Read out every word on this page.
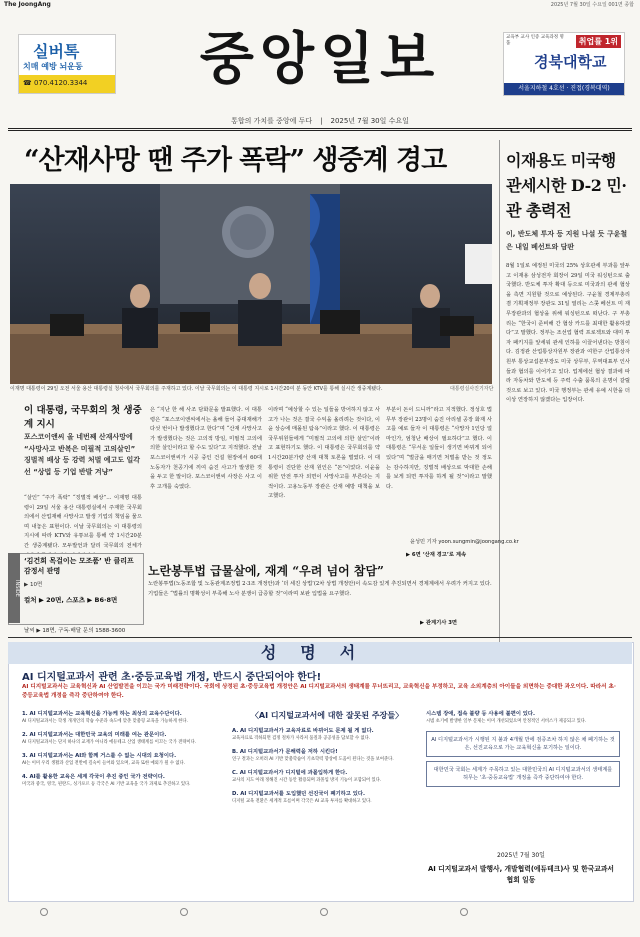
The JoongAng	2025년 7월 30일 수요일 001면 종합
실버톡
치매 예방 뇌운동
☎ 070.4120.3344	중앙일보
통합의 가치를 중앙에 두다 | 2025년 7월 30일 수요일
교육부 교사 인증 교육과정 명품	취업률 1위
경북대학교
서울지하철 4호선 · 진접(경복대역)
“산재사망 땐 주가 폭락” 생중계 경고
이재명 대통령이 29일 오전 서울 용산 대통령실 청사에서 국무회의를 주재하고 있다. 이날 국무회의는 이 대통령 지시로 1시간20여 분 동안 KTV를 통해 실시간 생중계됐다.	대통령실사진기자단
이재용도 미국행 관세시한 D-2 민·관 총력전
이, 반도체 투자 등 지원 나설 듯 구윤철은 내일 베선트와 담판
8월 1일로 예정된 미국의 25% 상호관세 부과를 앞두고 이재용 삼성전자 회장이 29일 미국 워싱턴으로 출국했다. 반도체 투자 확대 등으로 미국과의 관세 협상을 측면 지원할 것으로 예상된다. 구윤철 경제부총리 겸 기획재정부 장관도 31일 열리는 스콧 베선트 미 재무장관과의 협상을 위해 워싱턴으로 떠난다. 구 부총리는 “한국이 준비해 간 협상 카드를 최대한 활용하겠다”고 말했다. 정부는 조선업 협력 프로젝트와 대미 투자 패키지를 앞세워 관세 인하를 이끌어낸다는 방침이다. 김정관 산업통상자원부 장관과 여한구 산업통상자원부 통상교섭본부장도 미국 상무부, 무역대표부 인사들과 협의를 이어가고 있다. 업계에선 협상 결과에 따라 자동차와 반도체 등 주력 수출 품목의 운명이 갈릴 것으로 보고 있다. 미국 행정부는 관세 유예 시한을 더 이상 연장하지 않겠다는 입장이다.
이 대통령, 국무회의 첫 생중계 지시
포스코이앤씨 올 네번째 산재사망에 “사망사고 반복은 미필적 고의살인” 징벌적 배상 등 강력 처벌 예고도 일각선 “상법 등 기업 반발 겨냥”
“살인” “주가 폭락” “징벌적 배상”… 이재명 대통령이 29일 서울 용산 대통령실에서 주재한 국무회의에서 산업재해 사망사고 발생 기업의 책임을 물으며 내놓은 표현이다. 이날 국무회의는 이 대통령의 지시에 따라 KTV와 유튜브를 통해 약 1시간20분간 생중계됐다. 모두발언과 달리 국무회의 전체가
은 “지난 한 해 사조 담화문을 발표했다. 이 대통령은 “포스코이앤씨에서는 올해 들어 중대재해가 다섯 번이나 발생했다고 한다”며 “산재 사망사고가 발생했다는 것은 고의적 방임, 미필적 고의에 의한 살인이라고 할 수도 있다”고 지적했다. 전날 포스코이앤씨가 시공 중인 건설 현장에서 60대 노동자가 천공기에 끼여 숨진 사고가 발생한 것을 두고 한 말이다. 포스코이앤씨 사장은 사고 이후 고개를 숙였다.
이라며 “예상할 수 있는 일들을 방어하지 않고 사고가 나는 것은 결국 수익을 올리려는 것이다, 이윤 상승에 매몰된 탐욕”이라고 했다. 이 대통령은 국무위원들에게 “미필적 고의에 의한 살인”이라고 표현하기도 했다. 이 대통령은 국무회의를 약 1시간20분가량 산재 대책 토론을 벌였다. 이 대통령이 진단한 산재 원인은 “돈”이었다. 이윤을 위한 안전 투자 외면이 사망사고를 부른다는 지적이다. 고용노동부 장관은 산재 예방 대책을 보고했다.
부분이 돈이 드니까”라고 지적했다. 정성호 법무부 장관이 23명이 숨진 아리셀 공장 화재 사고를 예로 들자 이 대통령은 “사망자 1인당 얼마인가, 엄청난 배상이 필요하다”고 했다. 이 대통령은 “무서운 일들이 생기면 바뀌게 되어 있다”며 “벌금을 매기면 처벌을 받는 것 정도는 감수하지만, 징벌적 배상으로 막대한 손해를 보게 되면 투자를 하게 될 것”이라고 말했다.
윤성민 기자 yoon.sungmin@joongang.co.kr
▶ 6면 ‘산재 경고’로 계속
INSIDE
‘김건희 목걸이는 모조품’ 반 클리프 감정서 판명
▶ 10면
컬처 ▶ 20면, 스포츠 ▶ B6·8면
노란봉투법 급물살에, 재계 “우려 넘어 참담”
노란봉투법(노동조합 및 노동관계조정법 2·3조 개정안)과 ‘더 세진 상법’(2차 상법 개정안)이 속도감 있게 추진되면서 경제계에서 우려가 커지고 있다. 기업들은 “법률의 명확성이 부족해 노사 분쟁이 급증할 것”이라며 보완 입법을 요구했다.
▶ 관계기사 3면
날씨 ▶ 18면, 구독·배달 문의 1588-3600
성명서
AI 디지털교과서 관련 초·중등교육법 개정, 반드시 중단되어야 한다!
AI 디지털교과서는 교육혁신과 AI 산업발전을 이끄는 국가 미래전략이다. 국회에 상정된 초·중등교육법 개정안은 AI 디지털교과서의 생태계를 무너뜨리고, 교육혁신을 부정하고, 교육 소외계층의 아이들을 외면하는 중대한 과오이다. 따라서 초·중등교육법 개정을 즉각 중단하여야 한다.
1. AI 디지털교과서는 교육혁신을 가능케 하는 최상의 교육수단이다.
AI 디지털교과서는 학생 개개인의 학습 수준과 속도에 맞춘 맞춤형 교육을 가능하게 한다.
2. AI 디지털교과서는 대한민국 교육의 미래를 여는 관문이다.
AI 디지털교과서는 단지 하나의 교재가 아니라 에듀테크 산업 생태계를 이끄는 국가 전략이다.
3. AI 디지털교과서는 AI와 함께 거스를 수 없는 시대의 요청이다.
AI는 이미 우리 생활과 산업 전반에 깊숙이 들어와 있으며, 교육 또한 예외가 될 수 없다.
4. AI를 활용한 교육은 세계 각국이 추진 중인 국가 전략이다.
미국과 중국, 영국, 핀란드, 싱가포르 등 각국은 AI 기반 교육을 국가 과제로 추진하고 있다.
〈AI 디지털교과서에 대한 잘못된 주장들〉
A. AI 디지털교과서가 교육자료로 바뀌어도 문제 될 게 없다.
교육자료로 격하되면 검정 절차가 사라져 품질과 공공성을 담보할 수 없다.
B. AI 디지털교과서가 문해력을 저하 시킨다!
연구 결과는 오히려 AI 기반 맞춤학습이 기초학력 향상에 도움이 된다는 것을 보여준다.
C. AI 디지털교과서가 디지털에 과몰입하게 한다.
교사의 지도 아래 정해진 시간 동안 활용되며 과몰입 방지 기능이 포함되어 있다.
D. AI 디지털교과서를 도입했던 선진국이 폐기하고 있다.
디지털 교육 전환은 세계적 흐름이며 각국은 AI 교육 투자를 확대하고 있다.
시스템 장애, 접속 불량 등 사용에 불편이 있다.
시범 초기에 발생한 일부 문제는 이미 개선되었으며 안정적인 서비스가 제공되고 있다.
AI 디지털교과서가 시행된 지 불과 4개월 만에 검증조차 하지 않은 채 폐기하는 것은, 선진교육으로 가는 교육혁신을 포기하는 일이다.
대한민국 국회는 세계가 주목하고 있는 대한민국의 AI 디지털교과서의 생태계를 허무는 ‘초·중등교육법’ 개정을 즉각 중단하여야 한다.
2025년 7월 30일
AI 디지털교과서 발행사, 개발협력(에듀테크)사 및 한국교과서협회 일동
